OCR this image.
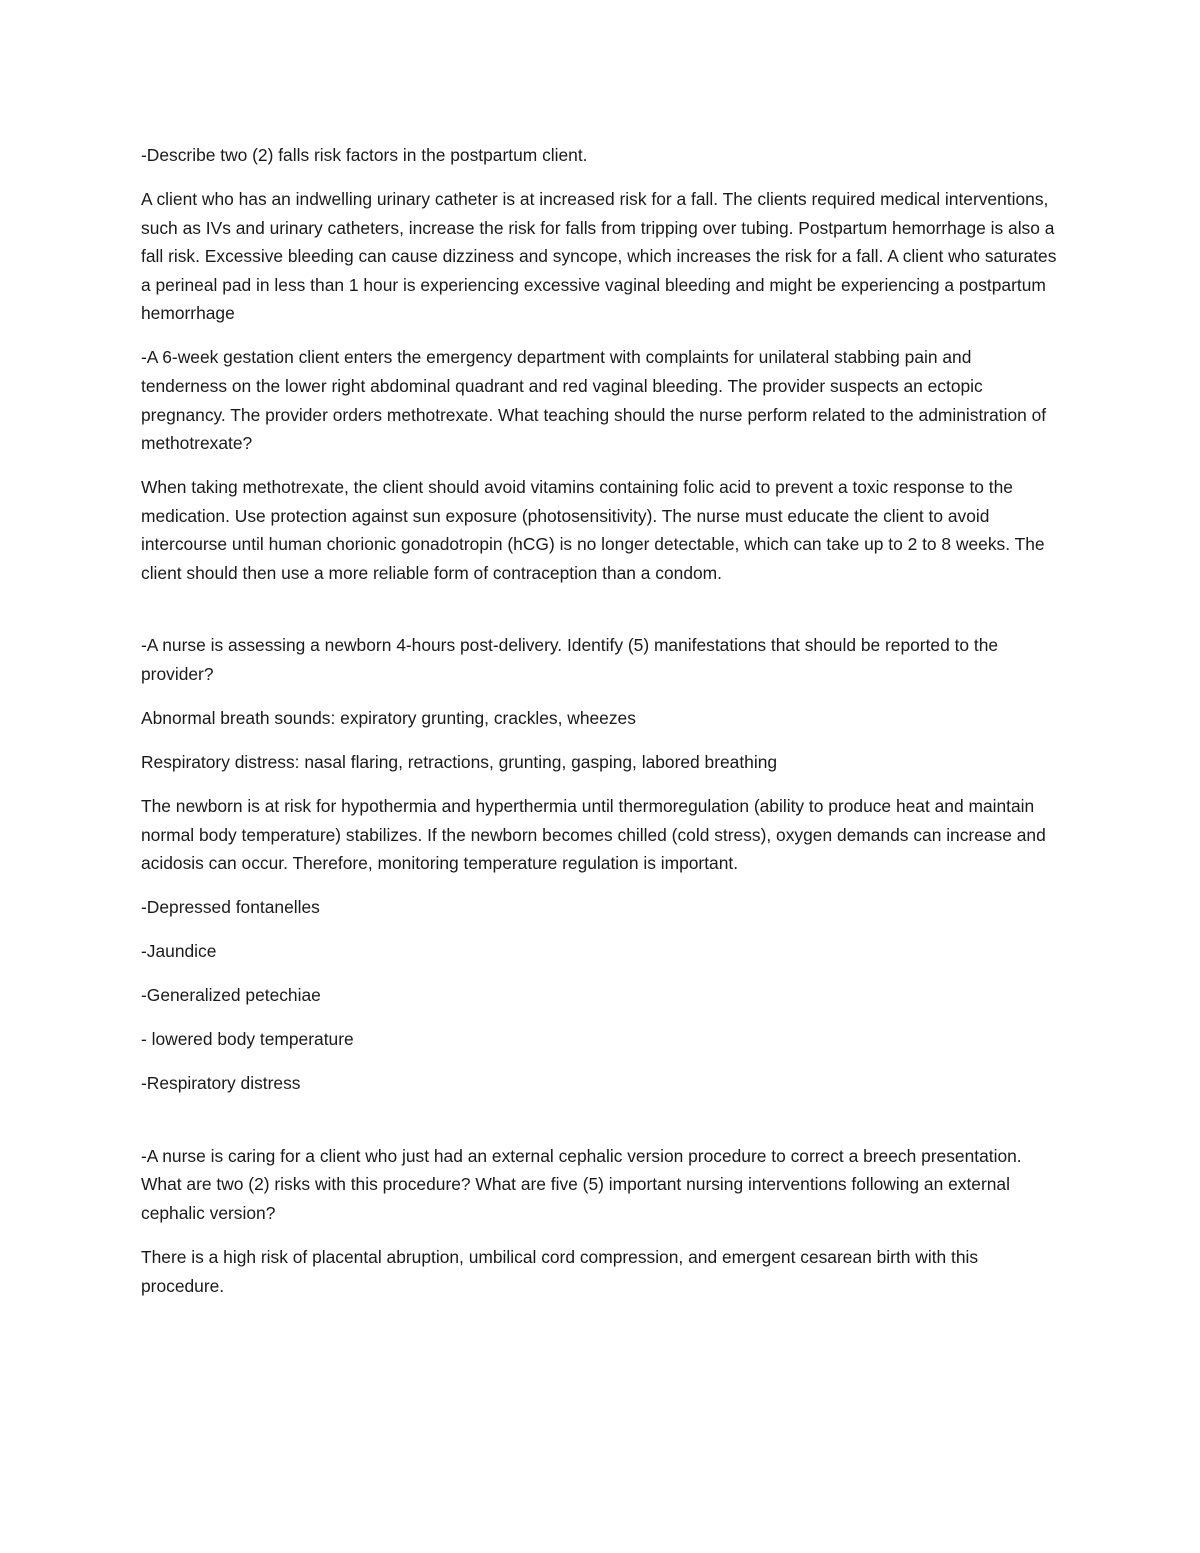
-Describe two (2) falls risk factors in the postpartum client.

A client who has an indwelling urinary catheter is at increased risk for a fall. The clients required medical interventions, such as IVs and urinary catheters, increase the risk for falls from tripping over tubing. Postpartum hemorrhage is also a fall risk. Excessive bleeding can cause dizziness and syncope, which increases the risk for a fall. A client who saturates a perineal pad in less than 1 hour is experiencing excessive vaginal bleeding and might be experiencing a postpartum hemorrhage

-A 6-week gestation client enters the emergency department with complaints for unilateral stabbing pain and tenderness on the lower right abdominal quadrant and red vaginal bleeding. The provider suspects an ectopic pregnancy. The provider orders methotrexate. What teaching should the nurse perform related to the administration of methotrexate?

When taking methotrexate, the client should avoid vitamins containing folic acid to prevent a toxic response to the medication. Use protection against sun exposure (photosensitivity). The nurse must educate the client to avoid intercourse until human chorionic gonadotropin (hCG) is no longer detectable, which can take up to 2 to 8 weeks. The client should then use a more reliable form of contraception than a condom.

-A nurse is assessing a newborn 4-hours post-delivery. Identify (5) manifestations that should be reported to the provider?

Abnormal breath sounds: expiratory grunting, crackles, wheezes

Respiratory distress: nasal flaring, retractions, grunting, gasping, labored breathing

The newborn is at risk for hypothermia and hyperthermia until thermoregulation (ability to produce heat and maintain normal body temperature) stabilizes. If the newborn becomes chilled (cold stress), oxygen demands can increase and acidosis can occur. Therefore, monitoring temperature regulation is important.

-Depressed fontanelles

-Jaundice

-Generalized petechiae

- lowered body temperature

-Respiratory distress

-A nurse is caring for a client who just had an external cephalic version procedure to correct a breech presentation. What are two (2) risks with this procedure? What are five (5) important nursing interventions following an external cephalic version?

There is a high risk of placental abruption, umbilical cord compression, and emergent cesarean birth with this procedure.
